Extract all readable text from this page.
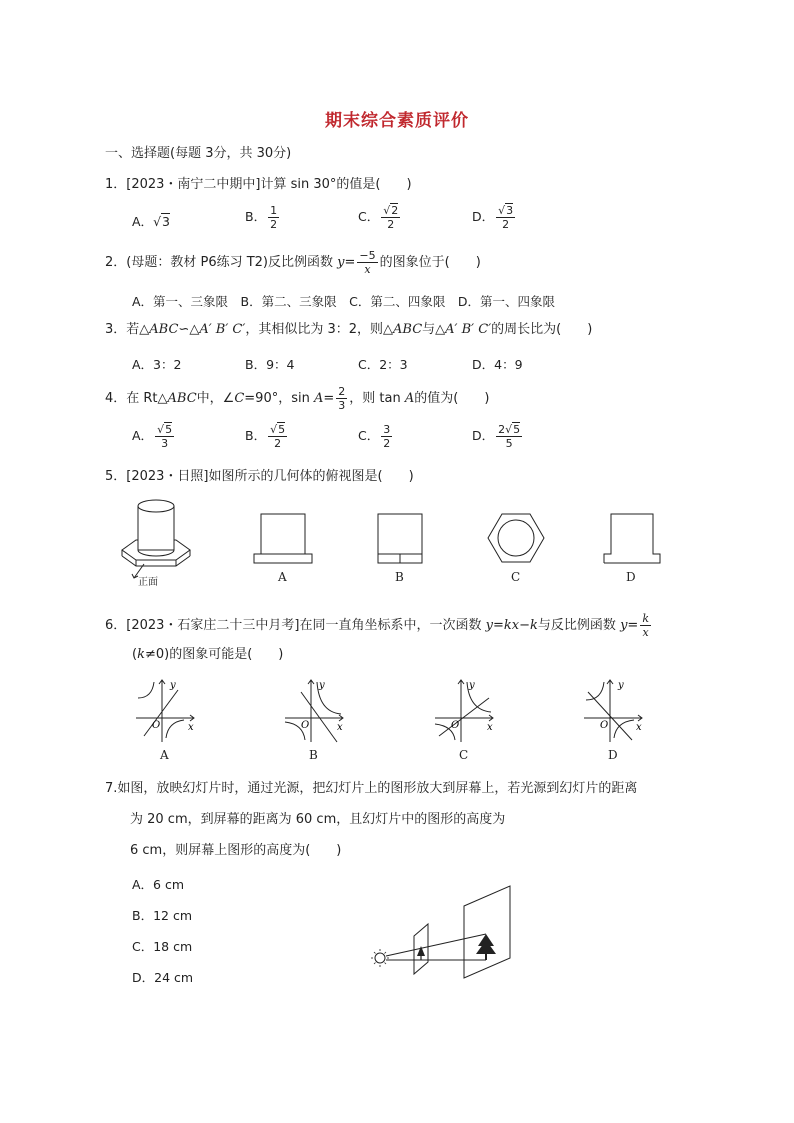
期末综合素质评价
一、选择题(每题 3分，共 30分)
1．[2023・南宁二中期中]计算 sin 30°的值是(　　)
A．√3	B． $\frac{1}{2}$	C． $\frac{√2}{2}$	D． $\frac{√3}{2}$
2．(母题：教材 P6练习 T2)反比例函数 $y= \frac{-5}{x}$ 的图象位于(　　)
A．第一、三象限　B．第二、三象限　C．第二、四象限　D．第一、四象限
3．若△ABC∽△A′ B′ C′，其相似比为 3：2，则△ABC与△A′ B′ C′的周长比为(　　)
A．3：2	B．9：4	C．2：3	D．4：9
4．在 Rt△ABC中，∠C=90°，$\sin A= \frac{2}{3}$ ，则 tan A的值为(　　)
A． $\frac{√5}{3}$	B． $\frac{√5}{2}$	C． $\frac{3}{2}$	D． $\frac{2√5}{5}$
5．[2023・日照]如图所示的几何体的俯视图是(　　)
正面	A	B	C	D
6．[2023・石家庄二十三中月考]在同一直角坐标系中，一次函数 y=kx−k与反比例函数 $y= \frac{k}{x}$
(k≠0)的图象可能是(　　)
y
x
O
A
y
x
O
B
y
x
O
C
y
x
O
D
7.如图，放映幻灯片时，通过光源，把幻灯片上的图形放大到屏幕上，若光源到幻灯片的距离
为 20 cm，到屏幕的距离为 60 cm，且幻灯片中的图形的高度为
6 cm，则屏幕上图形的高度为(　　)
A．6 cm
B．12 cm
C．18 cm
D．24 cm
